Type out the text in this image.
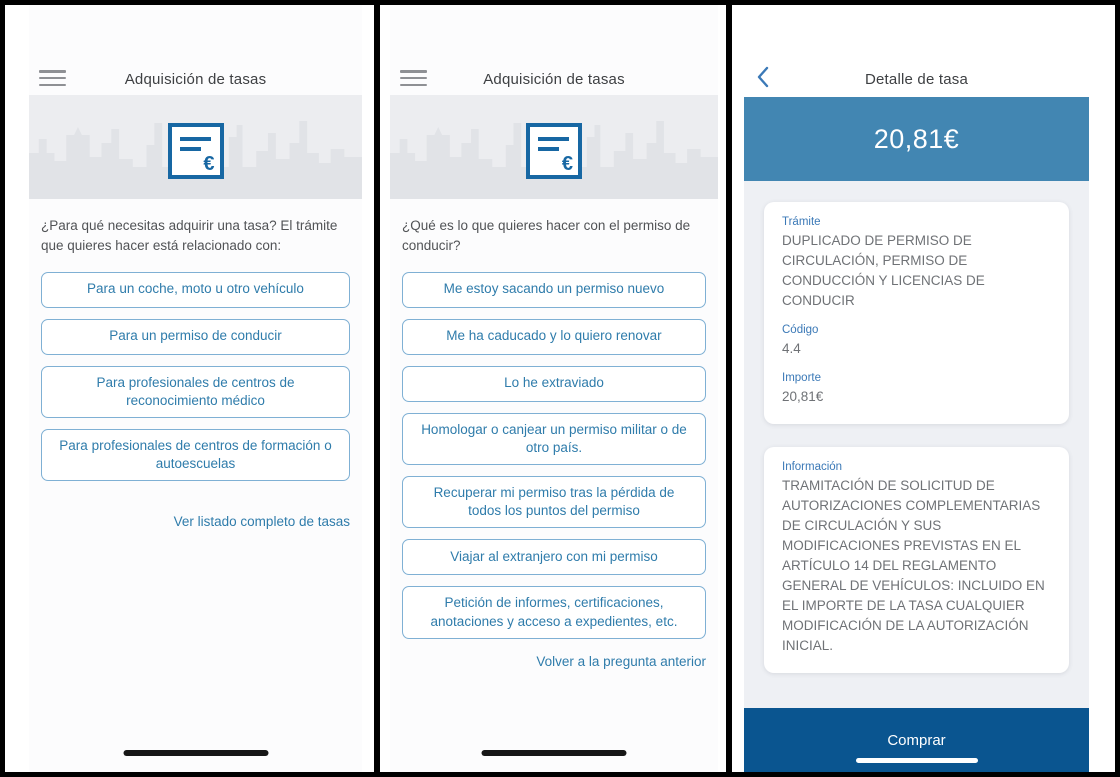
Adquisición de tasas
€

¿Para qué necesitas adquirir una tasa? El trámite que quieres hacer está relacionado con:

Para un coche, moto u otro vehículo
Para un permiso de conducir
Para profesionales de centros de reconocimiento médico
Para profesionales de centros de formación o autoescuelas
Ver listado completo de tasas
Adquisición de tasas
€

¿Qué es lo que quieres hacer con el permiso de conducir?

Me estoy sacando un permiso nuevo
Me ha caducado y lo quiero renovar
Lo he extraviado
Homologar o canjear un permiso militar o de otro país.
Recuperar mi permiso tras la pérdida de todos los puntos del permiso
Viajar al extranjero con mi permiso
Petición de informes, certificaciones, anotaciones y acceso a expedientes, etc.
Volver a la pregunta anterior
Detalle de tasa
20,81€
Trámite
DUPLICADO DE PERMISO DE CIRCULACIÓN, PERMISO DE CONDUCCIÓN Y LICENCIAS DE CONDUCIR
Código
4.4
Importe
20,81€
Información
TRAMITACIÓN DE SOLICITUD DE AUTORIZACIONES COMPLEMENTARIAS DE CIRCULACIÓN Y SUS MODIFICACIONES PREVISTAS EN EL ARTÍCULO 14 DEL REGLAMENTO GENERAL DE VEHÍCULOS: INCLUIDO EN EL IMPORTE DE LA TASA CUALQUIER MODIFICACIÓN DE LA AUTORIZACIÓN INICIAL.
Comprar
